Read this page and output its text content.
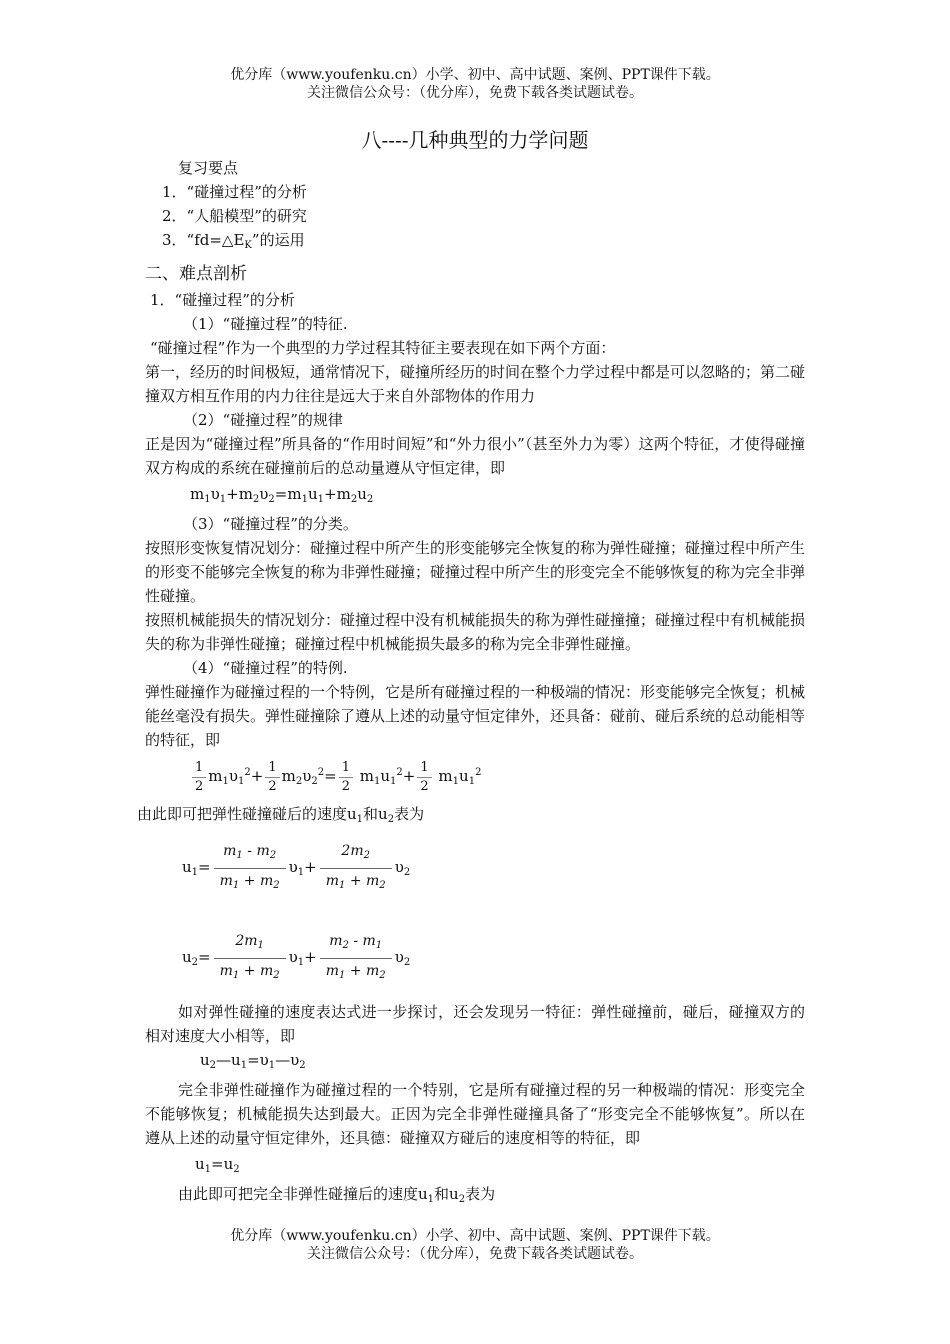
优分库（www.youfenku.cn）小学、初中、高中试题、案例、PPT课件下载。
关注微信公众号：（优分库），免费下载各类试题试卷。
八----几种典型的力学问题

复习要点

1．“碰撞过程”的分析

2．“人船模型”的研究

3．“$fd=\triangle E_K$”的运用

二、难点剖析

1．“碰撞过程”的分析

（1）“碰撞过程”的特征.

“碰撞过程”作为一个典型的力学过程其特征主要表现在如下两个方面：

第一，经历的时间极短，通常情况下，碰撞所经历的时间在整个力学过程中都是可以忽略的；第二碰撞双方相互作用的内力往往是远大于来自外部物体的作用力

（2）“碰撞过程”的规律

正是因为“碰撞过程”所具备的“作用时间短”和“外力很小”（甚至外力为零）这两个特征，才使得碰撞双方构成的系统在碰撞前后的总动量遵从守恒定律，即

$m_1\upsilon_1+m_2\upsilon_2=m_1u_1+m_2u_2$

（3）“碰撞过程”的分类。

按照形变恢复情况划分：碰撞过程中所产生的形变能够完全恢复的称为弹性碰撞；碰撞过程中所产生的形变不能够完全恢复的称为非弹性碰撞；碰撞过程中所产生的形变完全不能够恢复的称为完全非弹性碰撞。

按照机械能损失的情况划分：碰撞过程中没有机械能损失的称为弹性碰撞撞；碰撞过程中有机械能损失的称为非弹性碰撞；碰撞过程中机械能损失最多的称为完全非弹性碰撞。

（4）“碰撞过程”的特例.

弹性碰撞作为碰撞过程的一个特例，它是所有碰撞过程的一种极端的情况：形变能够完全恢复；机械能丝毫没有损失。弹性碰撞除了遵从上述的动量守恒定律外，还具备：碰前、碰后系统的总动能相等的特征，即

$\frac{1}{2} m_1\upsilon_1^2+ \frac{1}{2} m_2\upsilon_2^2= \frac{1}{2} m_1u_1^2+ \frac{1}{2} m_1u_1^2$

由此即可把弹性碰撞碰后的速度$u_1$和$u_2$表为

$u_1= \frac{m_1 - m_2}{m_1 + m_2} \upsilon_1+ \frac{2m_2}{m_1 + m_2} \upsilon_2$
$u_2= \frac{2m_1}{m_1 + m_2} \upsilon_1+ \frac{m_2 - m_1}{m_1 + m_2} \upsilon_2$

如对弹性碰撞的速度表达式进一步探讨，还会发现另一特征：弹性碰撞前，碰后，碰撞双方的相对速度大小相等，即

$u_2—u_1=\upsilon_1—\upsilon_2$

完全非弹性碰撞作为碰撞过程的一个特别，它是所有碰撞过程的另一种极端的情况：形变完全不能够恢复；机械能损失达到最大。正因为完全非弹性碰撞具备了“形变完全不能够恢复”。所以在遵从上述的动量守恒定律外，还具德：碰撞双方碰后的速度相等的特征，即

$u_1=u_2$

由此即可把完全非弹性碰撞后的速度$u_1$和$u_2$表为

优分库（www.youfenku.cn）小学、初中、高中试题、案例、PPT课件下载。
关注微信公众号：（优分库），免费下载各类试题试卷。
